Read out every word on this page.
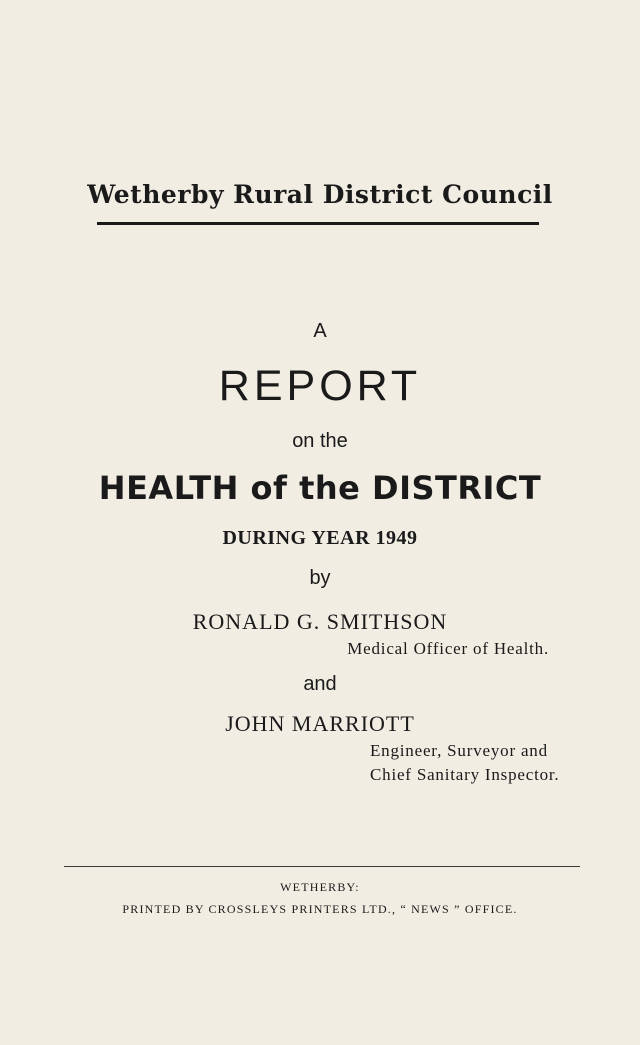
Wetherby Rural District Council
A
REPORT
on the
HEALTH of the DISTRICT
DURING YEAR 1949
by
RONALD G. SMITHSON
Medical Officer of Health.
and
JOHN MARRIOTT
Engineer, Surveyor and
Chief Sanitary Inspector.
WETHERBY:
PRINTED BY CROSSLEYS PRINTERS LTD., “ NEWS ” OFFICE.
